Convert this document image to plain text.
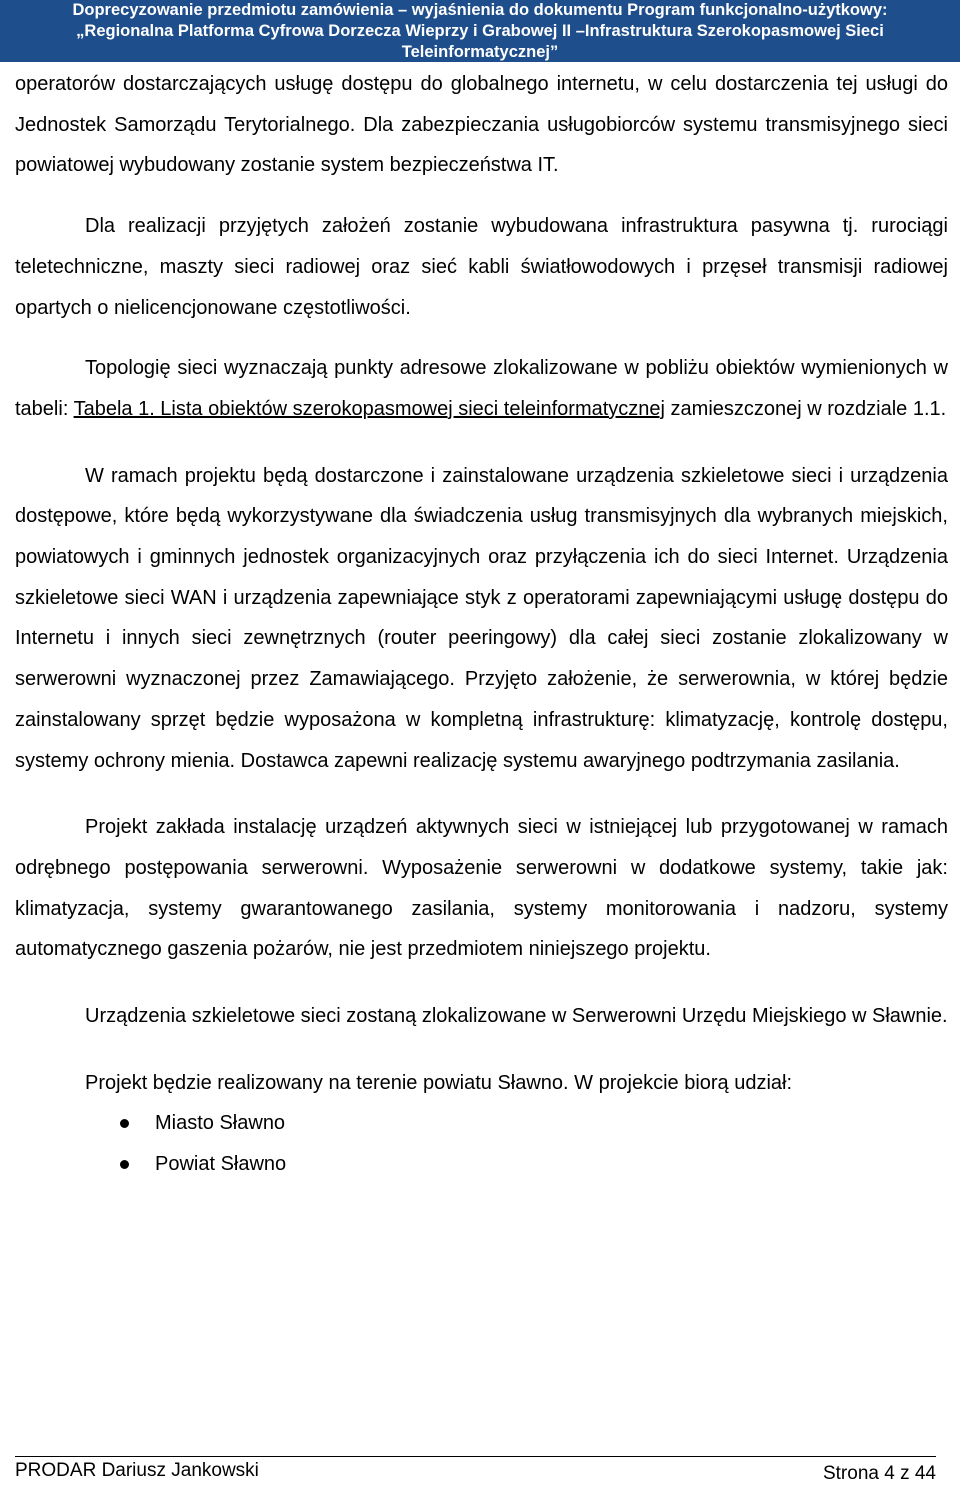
Doprecyzowanie przedmiotu zamówienia – wyjaśnienia do dokumentu Program funkcjonalno-użytkowy:
„Regionalna Platforma Cyfrowa Dorzecza Wieprzy i Grabowej II –Infrastruktura Szerokopasmowej Sieci
Teleinformatycznej”

operatorów dostarczających usługę dostępu do globalnego internetu, w celu dostarczenia tej usługi do Jednostek Samorządu Terytorialnego. Dla zabezpieczania usługobiorców systemu transmisyjnego sieci powiatowej wybudowany zostanie system bezpieczeństwa IT.

Dla realizacji przyjętych założeń zostanie wybudowana infrastruktura pasywna tj. rurociągi teletechniczne, maszty sieci radiowej oraz sieć kabli światłowodowych i przęseł transmisji radiowej opartych o nielicencjonowane częstotliwości.

Topologię sieci wyznaczają punkty adresowe zlokalizowane w pobliżu obiektów wymienionych w tabeli: Tabela 1. Lista obiektów szerokopasmowej sieci teleinformatycznej zamieszczonej w rozdziale 1.1.

W ramach projektu będą dostarczone i zainstalowane urządzenia szkieletowe sieci i urządzenia dostępowe, które będą wykorzystywane dla świadczenia usług transmisyjnych dla wybranych miejskich, powiatowych i gminnych jednostek organizacyjnych oraz przyłączenia ich do sieci Internet. Urządzenia szkieletowe sieci WAN i urządzenia zapewniające styk z operatorami zapewniającymi usługę dostępu do Internetu i innych sieci zewnętrznych (router peeringowy) dla całej sieci zostanie zlokalizowany w serwerowni wyznaczonej przez Zamawiającego. Przyjęto założenie, że serwerownia, w której będzie zainstalowany sprzęt będzie wyposażona w kompletną infrastrukturę: klimatyzację, kontrolę dostępu, systemy ochrony mienia. Dostawca zapewni realizację systemu awaryjnego podtrzymania zasilania.

Projekt zakłada instalację urządzeń aktywnych sieci w istniejącej lub przygotowanej w ramach odrębnego postępowania serwerowni. Wyposażenie serwerowni w dodatkowe systemy, takie jak: klimatyzacja, systemy gwarantowanego zasilania, systemy monitorowania i nadzoru, systemy automatycznego gaszenia pożarów, nie jest przedmiotem niniejszego projektu.

Urządzenia szkieletowe sieci zostaną zlokalizowane w Serwerowni Urzędu Miejskiego w Sławnie.

Projekt będzie realizowany na terenie powiatu Sławno. W projekcie biorą udział:

Miasto Sławno
Powiat Sławno
PRODAR Dariusz Jankowski	Strona 4 z 44
